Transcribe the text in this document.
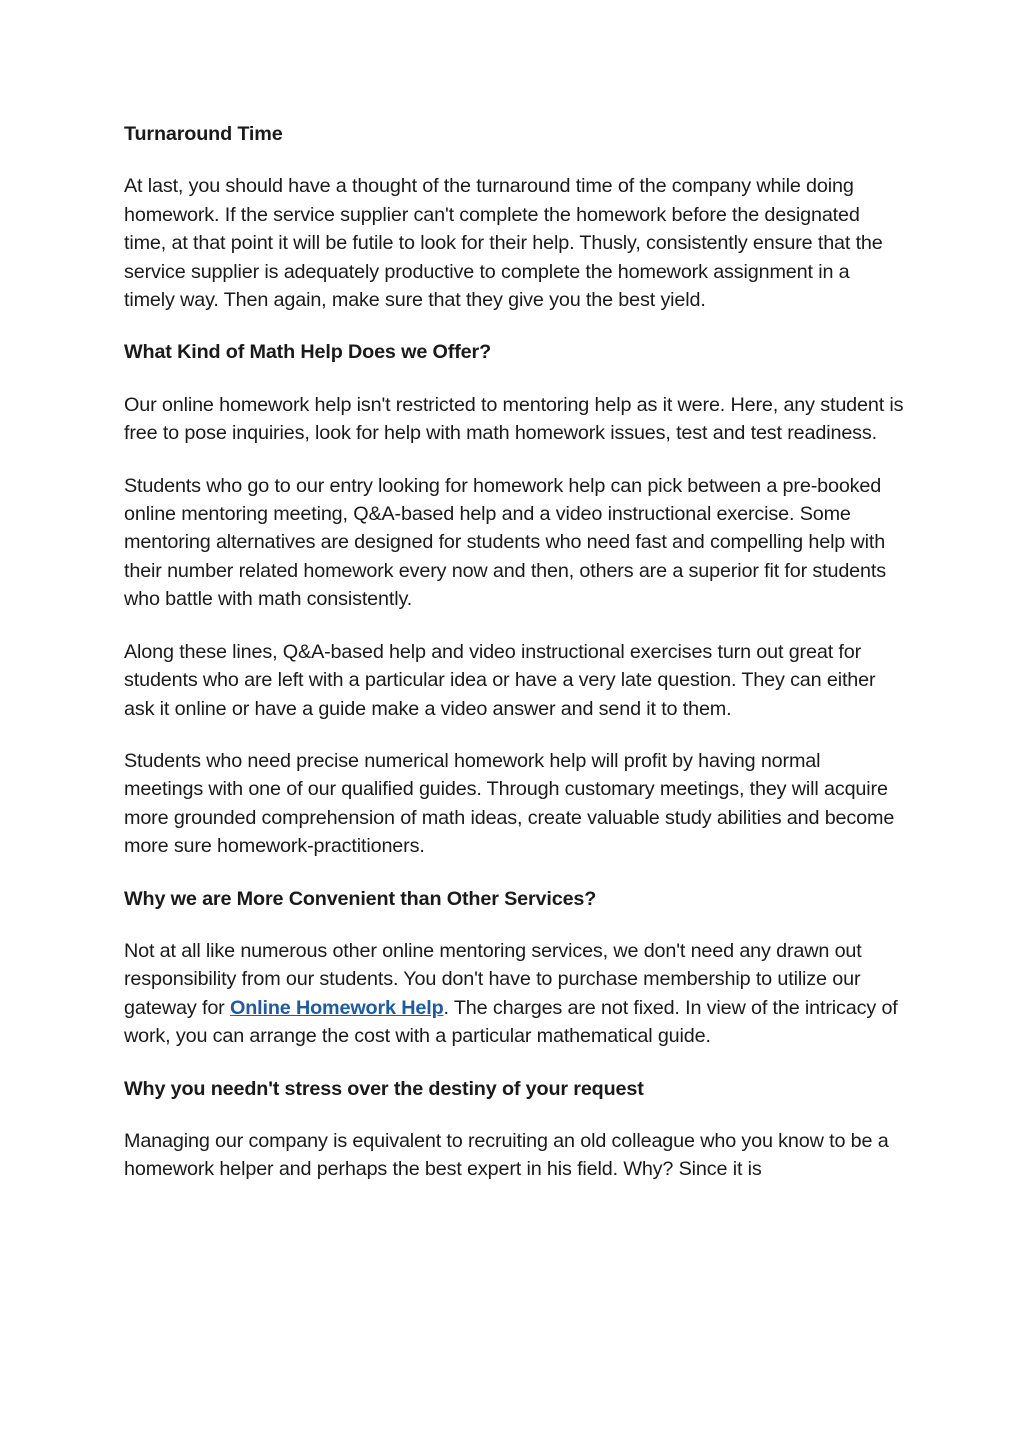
Turnaround Time

At last, you should have a thought of the turnaround time of the company while doing homework. If the service supplier can't complete the homework before the designated time, at that point it will be futile to look for their help. Thusly, consistently ensure that the service supplier is adequately productive to complete the homework assignment in a timely way. Then again, make sure that they give you the best yield.

What Kind of Math Help Does we Offer?

Our online homework help isn't restricted to mentoring help as it were. Here, any student is free to pose inquiries, look for help with math homework issues, test and test readiness.

Students who go to our entry looking for homework help can pick between a pre-booked online mentoring meeting, Q&A-based help and a video instructional exercise. Some mentoring alternatives are designed for students who need fast and compelling help with their number related homework every now and then, others are a superior fit for students who battle with math consistently.

Along these lines, Q&A-based help and video instructional exercises turn out great for students who are left with a particular idea or have a very late question. They can either ask it online or have a guide make a video answer and send it to them.

Students who need precise numerical homework help will profit by having normal meetings with one of our qualified guides. Through customary meetings, they will acquire more grounded comprehension of math ideas, create valuable study abilities and become more sure homework-practitioners.

Why we are More Convenient than Other Services?

Not at all like numerous other online mentoring services, we don't need any drawn out responsibility from our students. You don't have to purchase membership to utilize our gateway for Online Homework Help. The charges are not fixed. In view of the intricacy of work, you can arrange the cost with a particular mathematical guide.

Why you needn't stress over the destiny of your request

Managing our company is equivalent to recruiting an old colleague who you know to be a homework helper and perhaps the best expert in his field. Why? Since it is
